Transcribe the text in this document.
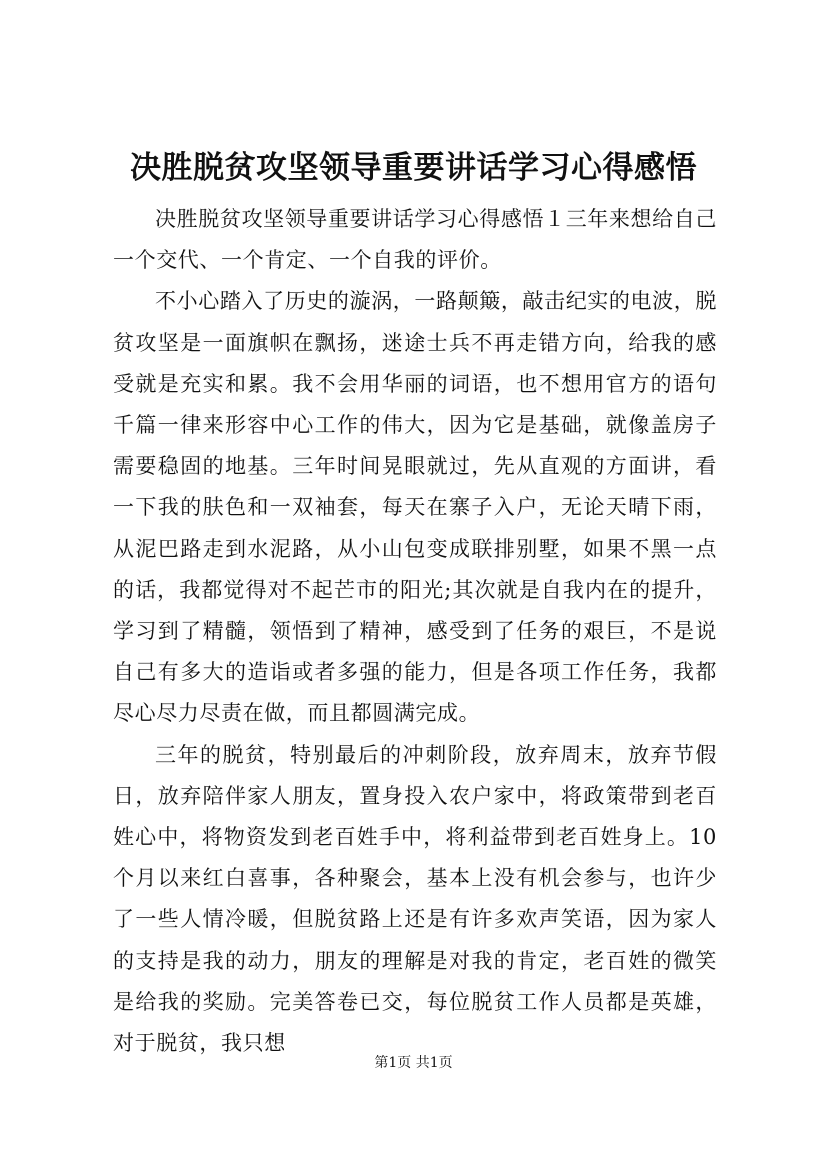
决胜脱贫攻坚领导重要讲话学习心得感悟

决胜脱贫攻坚领导重要讲话学习心得感悟１三年来想给自己一个交代、一个肯定、一个自我的评价。

不小心踏入了历史的漩涡，一路颠簸，敲击纪实的电波，脱贫攻坚是一面旗帜在飘扬，迷途士兵不再走错方向，给我的感受就是充实和累。我不会用华丽的词语，也不想用官方的语句千篇一律来形容中心工作的伟大，因为它是基础，就像盖房子需要稳固的地基。三年时间晃眼就过，先从直观的方面讲，看一下我的肤色和一双袖套，每天在寨子入户，无论天晴下雨，从泥巴路走到水泥路，从小山包变成联排别墅，如果不黑一点的话，我都觉得对不起芒市的阳光;其次就是自我内在的提升，学习到了精髓，领悟到了精神，感受到了任务的艰巨，不是说自己有多大的造诣或者多强的能力，但是各项工作任务，我都尽心尽力尽责在做，而且都圆满完成。

三年的脱贫，特别最后的冲刺阶段，放弃周末，放弃节假日，放弃陪伴家人朋友，置身投入农户家中，将政策带到老百姓心中，将物资发到老百姓手中，将利益带到老百姓身上。10个月以来红白喜事，各种聚会，基本上没有机会参与，也许少了一些人情冷暖，但脱贫路上还是有许多欢声笑语，因为家人的支持是我的动力，朋友的理解是对我的肯定，老百姓的微笑是给我的奖励。完美答卷已交，每位脱贫工作人员都是英雄，对于脱贫，我只想

第1页 共1页
